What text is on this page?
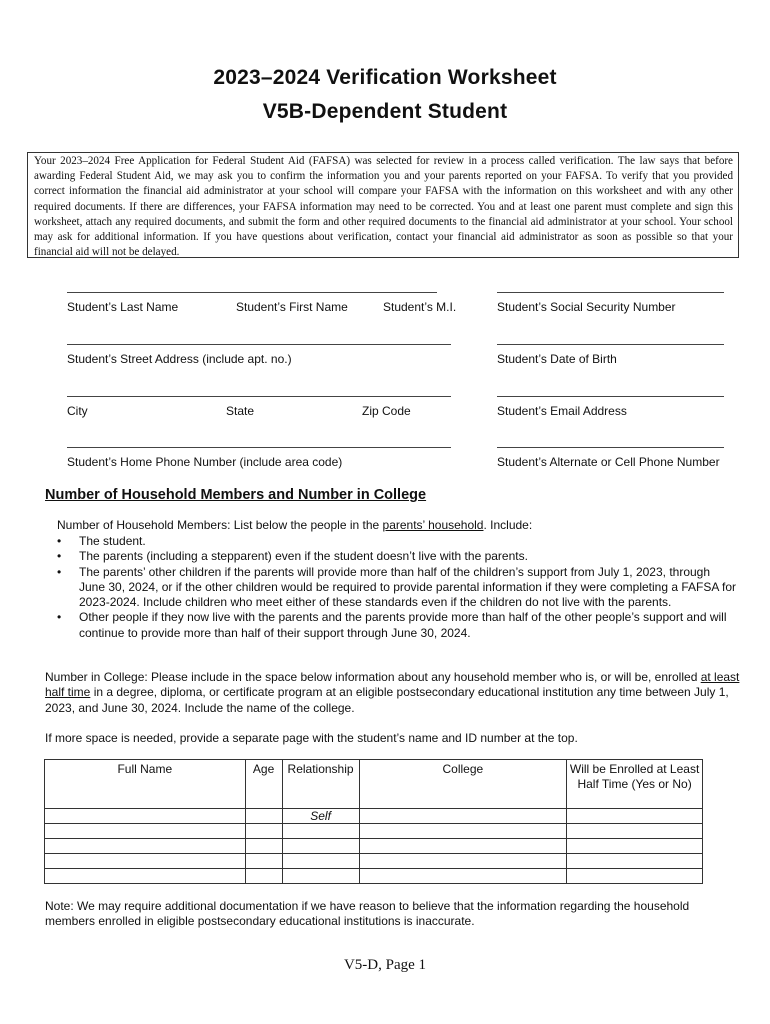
2023–2024 Verification Worksheet
V5B-Dependent Student
Your 2023–2024 Free Application for Federal Student Aid (FAFSA) was selected for review in a process called verification. The law says that before awarding Federal Student Aid, we may ask you to confirm the information you and your parents reported on your FAFSA. To verify that you provided correct information the financial aid administrator at your school will compare your FAFSA with the information on this worksheet and with any other required documents. If there are differences, your FAFSA information may need to be corrected. You and at least one parent must complete and sign this worksheet, attach any required documents, and submit the form and other required documents to the financial aid administrator at your school. Your school may ask for additional information. If you have questions about verification, contact your financial aid administrator as soon as possible so that your financial aid will not be delayed.
Student’s Last Name	Student’s First Name	Student’s M.I.	Student’s Social Security Number
Student’s Street Address (include apt. no.)	Student’s Date of Birth
City	State	Zip Code	Student’s Email Address
Student’s Home Phone Number (include area code)	Student’s Alternate or Cell Phone Number
Number of Household Members and Number in College
Number of Household Members: List below the people in the parents’ household. Include:
• The student.
• The parents (including a stepparent) even if the student doesn’t live with the parents.
• The parents’ other children if the parents will provide more than half of the children’s support from July 1, 2023, through June 30, 2024, or if the other children would be required to provide parental information if they were completing a FAFSA for 2023-2024. Include children who meet either of these standards even if the children do not live with the parents.
• Other people if they now live with the parents and the parents provide more than half of the other people’s support and will continue to provide more than half of their support through June 30, 2024.
Number in College: Please include in the space below information about any household member who is, or will be, enrolled at least half time in a degree, diploma, or certificate program at an eligible postsecondary educational institution any time between July 1, 2023, and June 30, 2024. Include the name of the college.
If more space is needed, provide a separate page with the student’s name and ID number at the top.
Full Name	Age	Relationship	College	Will be Enrolled at Least Half Time (Yes or No)
		Self		

Note: We may require additional documentation if we have reason to believe that the information regarding the household members enrolled in eligible postsecondary educational institutions is inaccurate.
V5-D, Page 1
